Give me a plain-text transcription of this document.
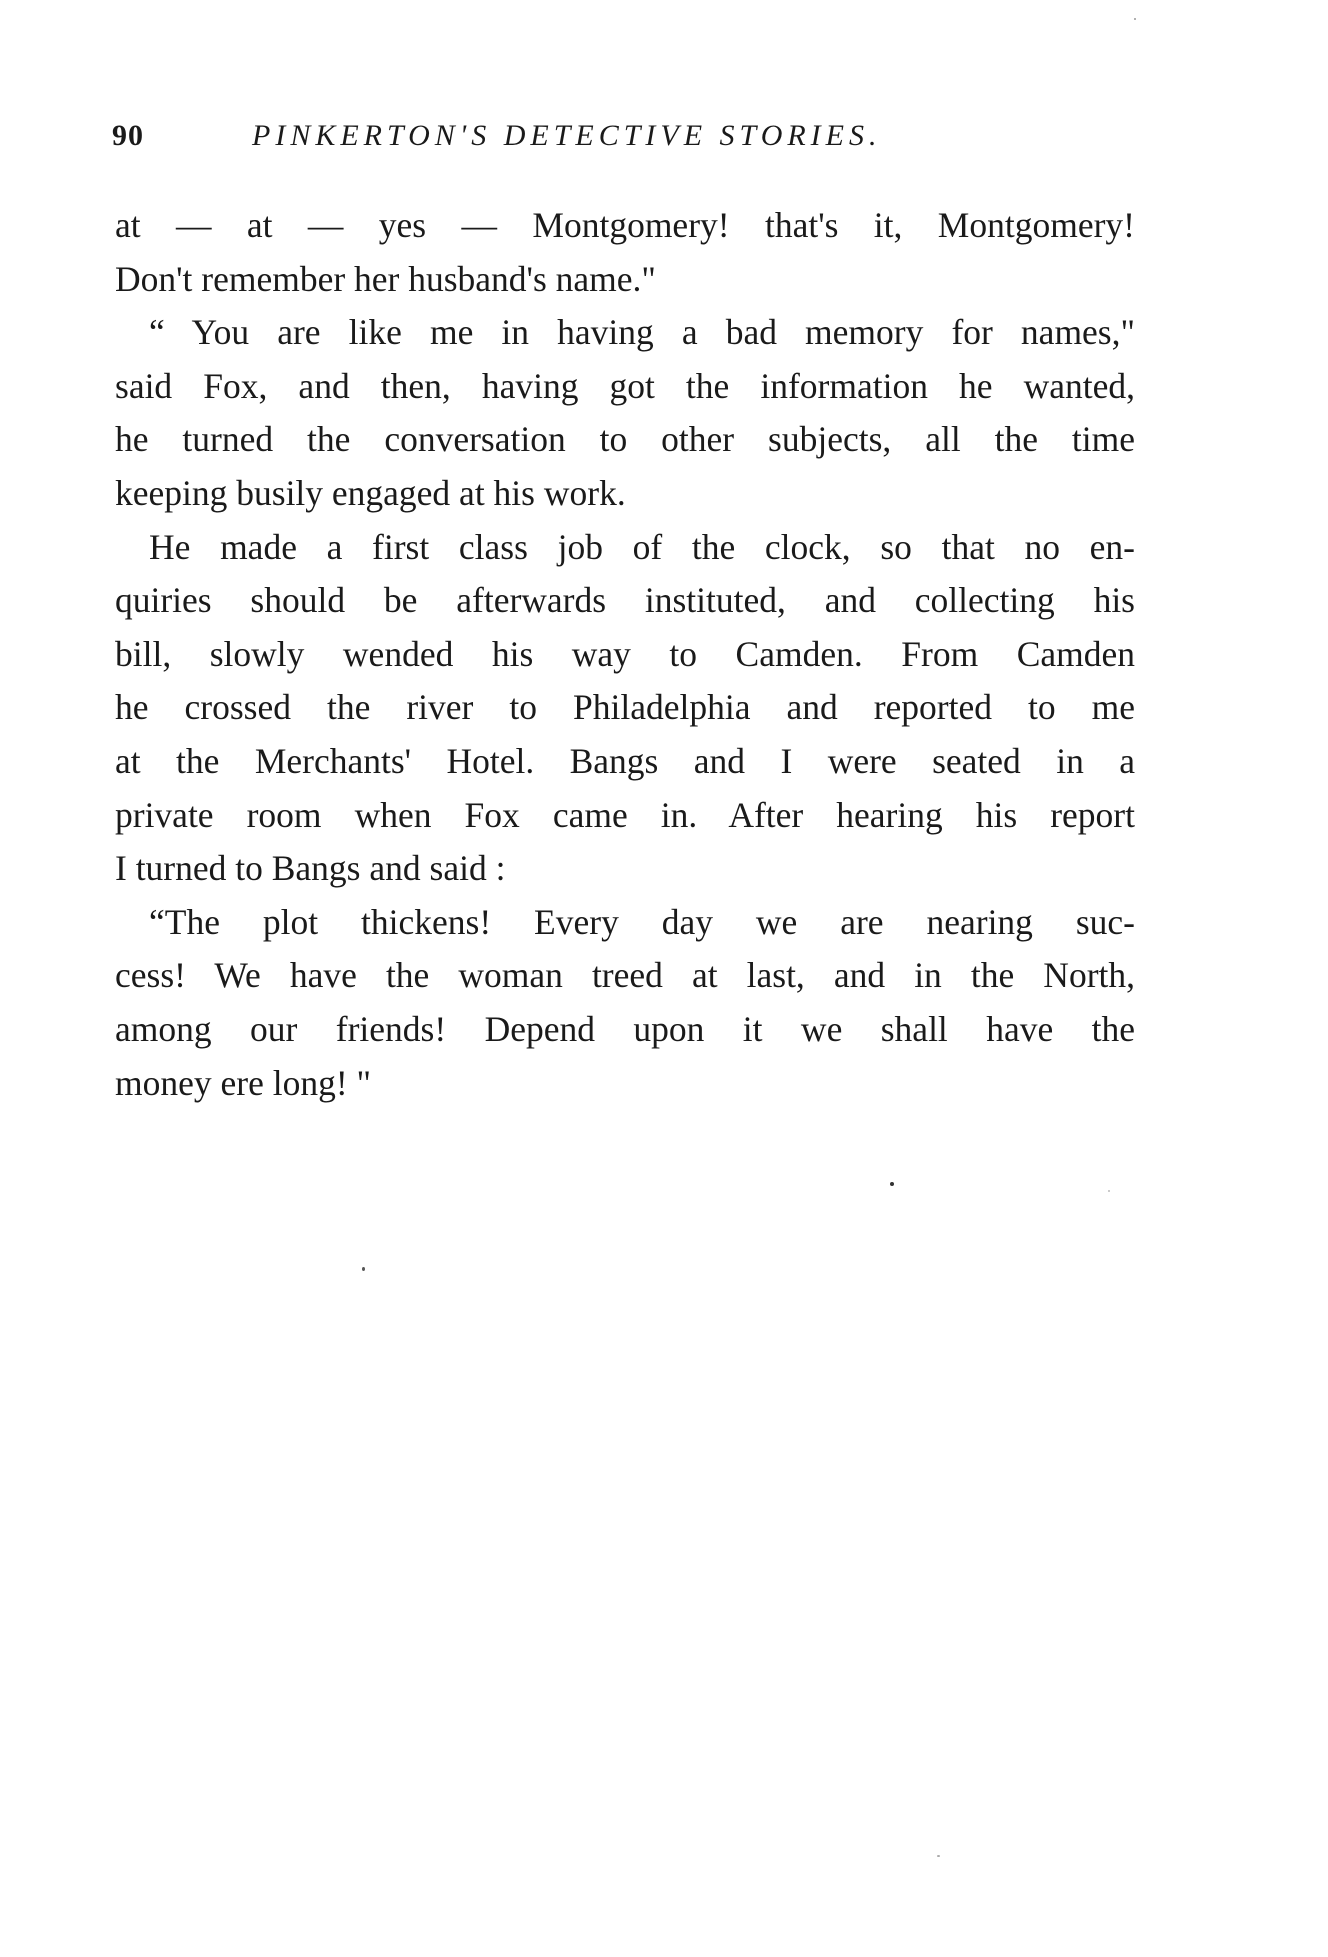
90	PINKERTON'S DETECTIVE STORIES.
at — at — yes — Montgomery! that's it, Montgomery!
Don't remember her husband's name."
“ You are like me in having a bad memory for names,"
said Fox, and then, having got the information he wanted,
he turned the conversation to other subjects, all the time
keeping busily engaged at his work.
He made a first class job of the clock, so that no en-
quiries should be afterwards instituted, and collecting his
bill, slowly wended his way to Camden. From Camden
he crossed the river to Philadelphia and reported to me
at the Merchants' Hotel. Bangs and I were seated in a
private room when Fox came in. After hearing his report
I turned to Bangs and said :
“The plot thickens! Every day we are nearing suc-
cess! We have the woman treed at last, and in the North,
among our friends! Depend upon it we shall have the
money ere long! "
